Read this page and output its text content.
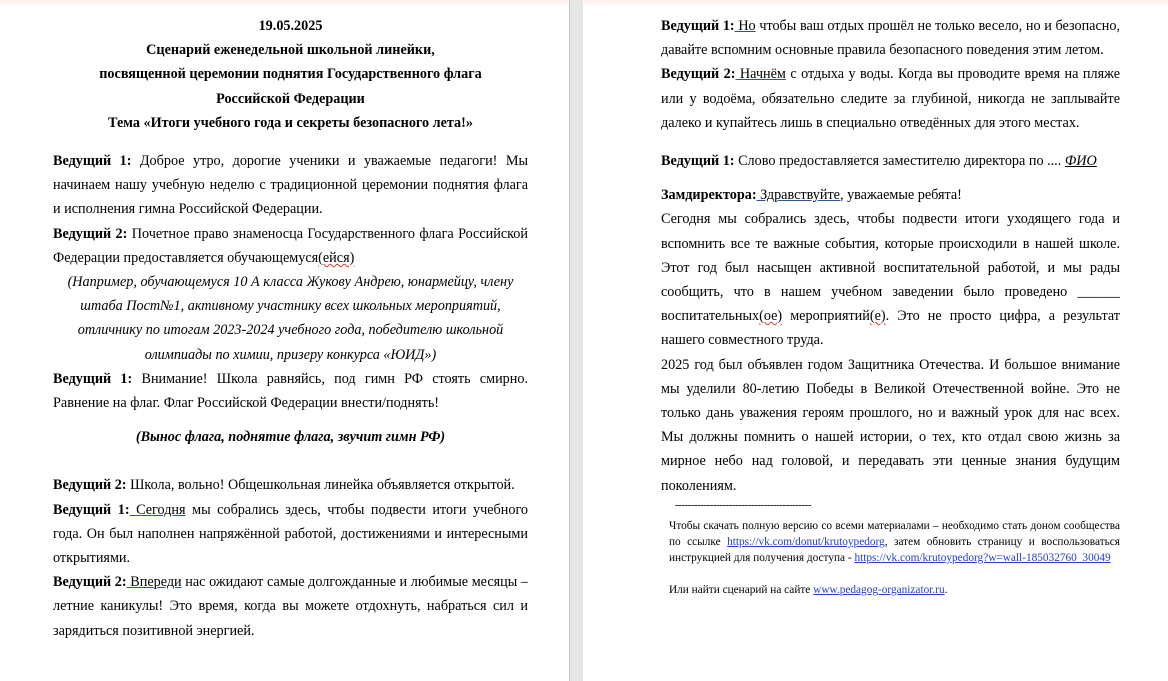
19.05.2025
Сценарий еженедельной школьной линейки,
посвященной церемонии поднятия Государственного флага
Российской Федерации
Тема «Итоги учебного года и секреты безопасного лета!»

Ведущий 1: Доброе утро, дорогие ученики и уважаемые педагоги! Мы начинаем нашу учебную неделю с традиционной церемонии поднятия флага и исполнения гимна Российской Федерации.

Ведущий 2: Почетное право знаменосца Государственного флага Российской Федерации предоставляется обучающемуся(ейся)

(Например, обучающемуся 10 А класса Жукову Андрею, юнармейцу, члену
штаба Пост№1, активному участнику всех школьных мероприятий,
отличнику по итогам 2023-2024 учебного года, победителю школьной
олимпиады по химии, призеру конкурса «ЮИД»)

Ведущий 1: Внимание! Школа равняйсь, под гимн РФ стоять смирно. Равнение на флаг. Флаг Российской Федерации внести/поднять!

(Вынос флага, поднятие флага, звучит гимн РФ)

Ведущий 2: Школа, вольно! Общешкольная линейка объявляется открытой.

Ведущий 1: Сегодня мы собрались здесь, чтобы подвести итоги учебного года. Он был наполнен напряжённой работой, достижениями и интересными открытиями.

Ведущий 2: Впереди нас ожидают самые долгожданные и любимые месяцы – летние каникулы! Это время, когда вы можете отдохнуть, набраться сил и зарядиться позитивной энергией.

Ведущий 1: Но чтобы ваш отдых прошёл не только весело, но и безопасно, давайте вспомним основные правила безопасного поведения этим летом.

Ведущий 2: Начнём с отдыха у воды. Когда вы проводите время на пляже или у водоёма, обязательно следите за глубиной, никогда не заплывайте далеко и купайтесь лишь в специально отведённых для этого местах.

Ведущий 1: Слово предоставляется заместителю директора по .... ФИО

Замдиректора: Здравствуйте, уважаемые ребята!

Сегодня мы собрались здесь, чтобы подвести итоги уходящего года и вспомнить все те важные события, которые происходили в нашей школе. Этот год был насыщен активной воспитательной работой, и мы рады сообщить, что в нашем учебном заведении было проведено ______ воспитательных(ое) мероприятий(е). Это не просто цифра, а результат нашего совместного труда.

2025 год был объявлен годом Защитника Отечества. И большое внимание мы уделили 80-летию Победы в Великой Отечественной войне. Это не только дань уважения героям прошлого, но и важный урок для нас всех. Мы должны помнить о нашей истории, о тех, кто отдал свою жизнь за мирное небо над головой, и передавать эти ценные знания будущим поколениям.

-------------------------------------------

Чтобы скачать полную версию со всеми материалами – необходимо стать доном сообщества по ссылке https://vk.com/donut/krutoypedorg, затем обновить страницу и воспользоваться инструкцией для получения доступа - https://vk.com/krutoypedorg?w=wall-185032760_30049

Или найти сценарий на сайте www.pedagog-organizator.ru.
